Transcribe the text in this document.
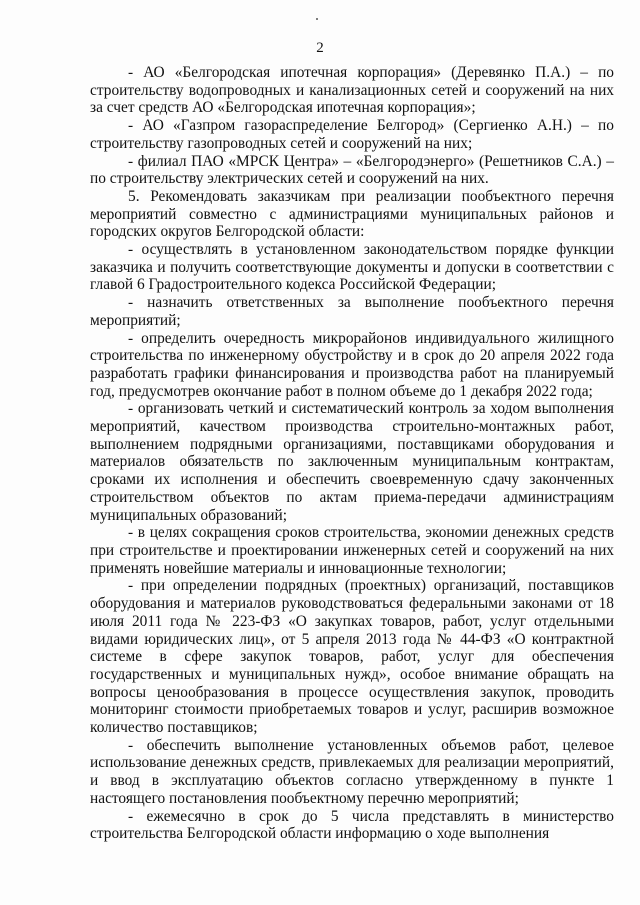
2

- АО «Белгородская ипотечная корпорация» (Деревянко П.А.) – по строительству водопроводных и канализационных сетей и сооружений на них за счет средств АО «Белгородская ипотечная корпорация»;

- АО «Газпром газораспределение Белгород» (Сергиенко А.Н.) – по строительству газопроводных сетей и сооружений на них;

- филиал ПАО «МРСК Центра» – «Белгородэнерго» (Решетников С.А.) – по строительству электрических сетей и сооружений на них.

5. Рекомендовать заказчикам при реализации пообъектного перечня мероприятий совместно с администрациями муниципальных районов и городских округов Белгородской области:

- осуществлять в установленном законодательством порядке функции заказчика и получить соответствующие документы и допуски в соответствии с главой 6 Градостроительного кодекса Российской Федерации;

- назначить ответственных за выполнение пообъектного перечня мероприятий;

- определить очередность микрорайонов индивидуального жилищного строительства по инженерному обустройству и в срок до 20 апреля 2022 года разработать графики финансирования и производства работ на планируемый год, предусмотрев окончание работ в полном объеме до 1 декабря 2022 года;

- организовать четкий и систематический контроль за ходом выполнения мероприятий, качеством производства строительно-монтажных работ, выполнением подрядными организациями, поставщиками оборудования и материалов обязательств по заключенным муниципальным контрактам, сроками их исполнения и обеспечить своевременную сдачу законченных строительством объектов по актам приема-передачи администрациям муниципальных образований;

- в целях сокращения сроков строительства, экономии денежных средств при строительстве и проектировании инженерных сетей и сооружений на них применять новейшие материалы и инновационные технологии;

- при определении подрядных (проектных) организаций, поставщиков оборудования и материалов руководствоваться федеральными законами от 18 июля 2011 года № 223-ФЗ «О закупках товаров, работ, услуг отдельными видами юридических лиц», от 5 апреля 2013 года № 44-ФЗ «О контрактной системе в сфере закупок товаров, работ, услуг для обеспечения государственных и муниципальных нужд», особое внимание обращать на вопросы ценообразования в процессе осуществления закупок, проводить мониторинг стоимости приобретаемых товаров и услуг, расширив возможное количество поставщиков;

- обеспечить выполнение установленных объемов работ, целевое использование денежных средств, привлекаемых для реализации мероприятий, и ввод в эксплуатацию объектов согласно утвержденному в пункте 1 настоящего постановления пообъектному перечню мероприятий;

- ежемесячно в срок до 5 числа представлять в министерство строительства Белгородской области информацию о ходе выполнения
